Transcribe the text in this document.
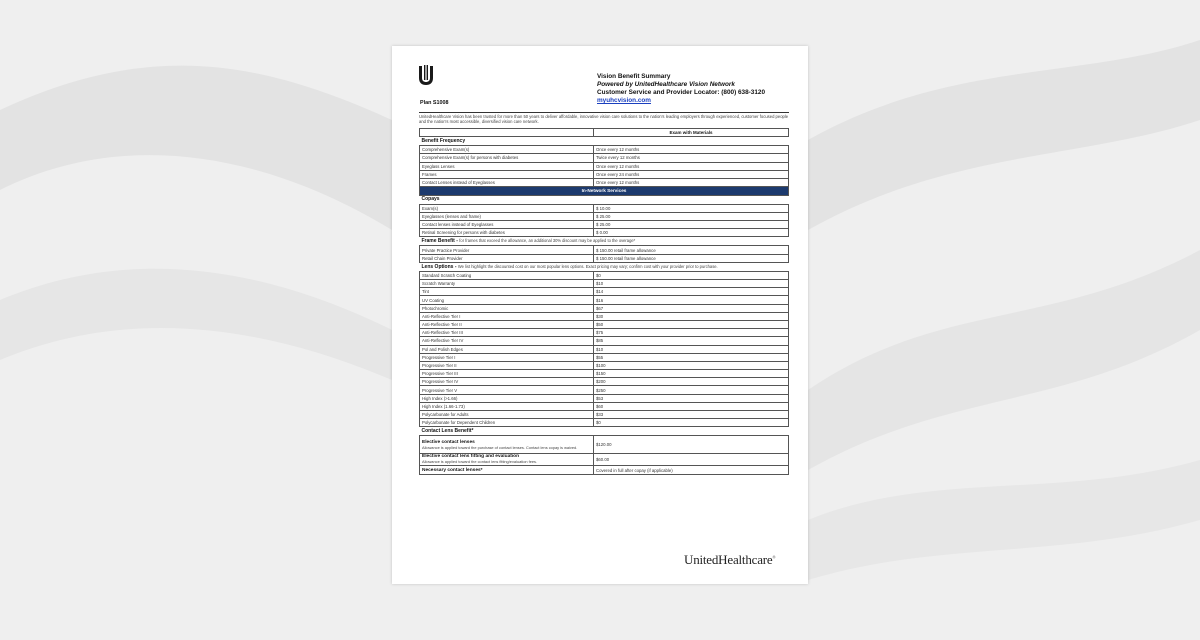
Plan S1008
Vision Benefit Summary
Powered by UnitedHealthcare Vision Network
Customer Service and Provider Locator: (800) 638-3120
myuhcvision.com
UnitedHealthcare Vision has been trusted for more than 50 years to deliver affordable, innovative vision care solutions to the nation's leading employers through experienced, customer focused people and the nation's most accessible, diversified vision care network.
	Exam with Materials
Benefit Frequency	
Comprehensive Exam(s)	Once every 12 months
Comprehensive Exam(s) for persons with diabetes	Twice every 12 months
Eyeglass Lenses	Once every 12 months
Frames	Once every 24 months
Contact Lenses instead of Eyeglasses	Once every 12 months
In-Network Services	
Copays	
Exam(s)	$ 10.00
Eyeglasses (lenses and frame)	$ 25.00
Contact lenses instead of Eyeglasses	$ 25.00
Retinal Screening for persons with diabetes	$ 0.00
Frame Benefit - for frames that exceed the allowance, an additional 30% discount may be applied to the overage*	
Private Practice Provider	$ 150.00 retail frame allowance
Retail Chain Provider	$ 150.00 retail frame allowance
Lens Options - We list highlight the discounted cost on our most popular lens options. Exact pricing may vary; confirm cost with your provider prior to purchase.	
Standard Scratch Coating	$0
Scratch Warranty	$10
Tint	$14
UV Coating	$16
Photochromic	$67
Anti-Reflective Tier I	$30
Anti-Reflective Tier II	$50
Anti-Reflective Tier III	$75
Anti-Reflective Tier IV	$85
Pol and Polish Edges	$10
Progressive Tier I	$55
Progressive Tier II	$100
Progressive Tier III	$150
Progressive Tier IV	$200
Progressive Tier V	$250
High Index (>1.66)	$53
High Index (1.66-1.73)	$60
Polycarbonate for Adults	$33
Polycarbonate for Dependent Children	$0
Contact Lens Benefit*	

Elective contact lenses
Allowance is applied toward the purchase of contact lenses. Contact lens copay is waived.	$120.00

Elective contact lens fitting and evaluation
Allowance is applied toward the contact lens fitting/evaluation fees.	$60.00

Necessary contact lenses*	Covered in full after copay (if applicable)
UnitedHealthcare®
